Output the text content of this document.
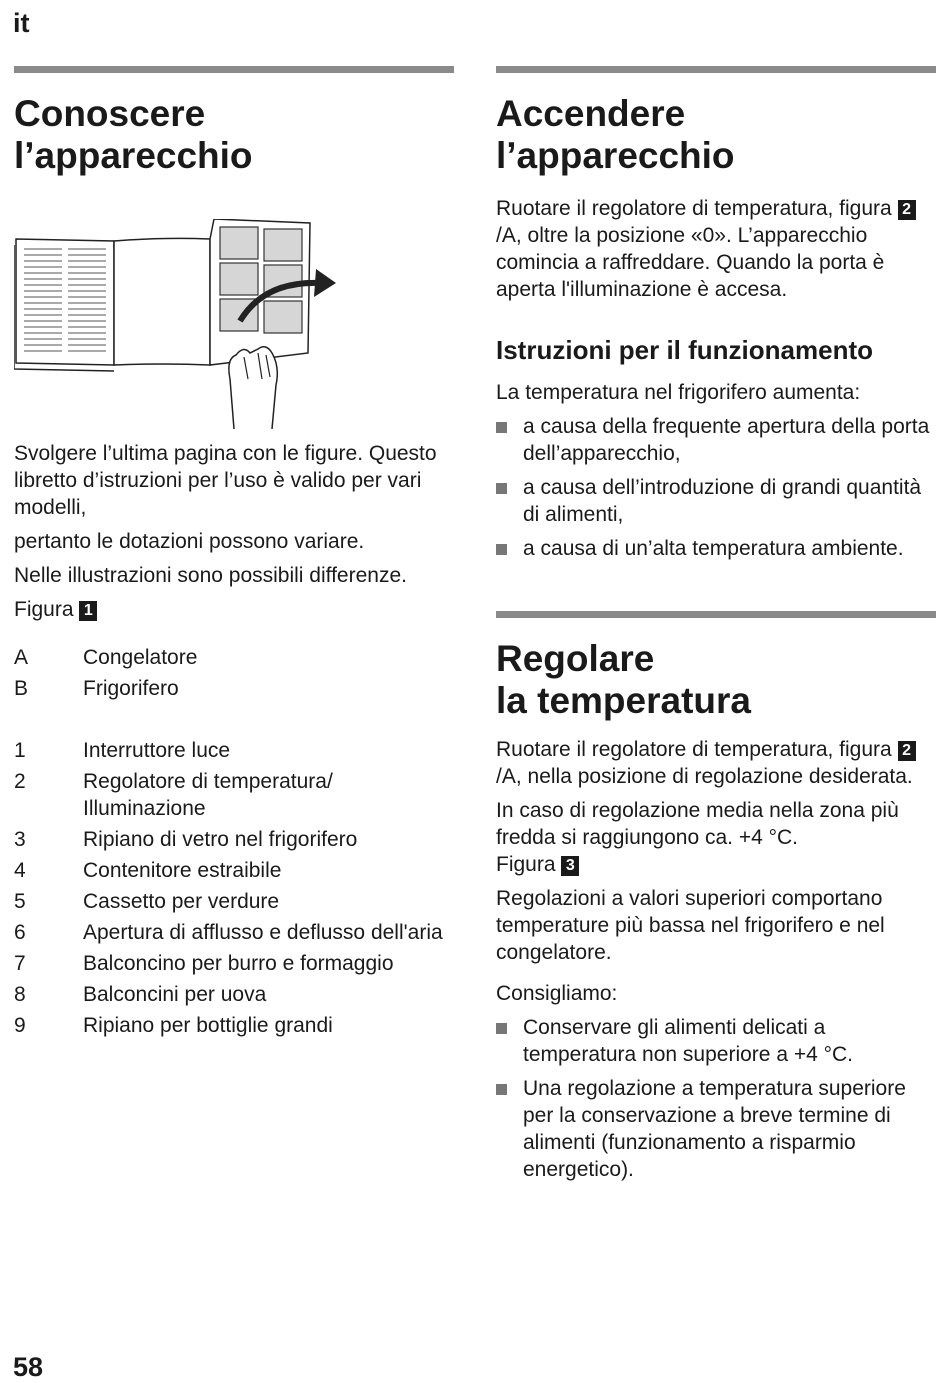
it
Conoscere
l’apparecchio

Svolgere l’ultima pagina con le figure. Questo libretto d’istruzioni per l’uso è valido per vari modelli,

pertanto le dotazioni possono variare.

Nelle illustrazioni sono possibili differenze.

Figura 1

A	Congelatore
B	Frigorifero
1	Interruttore luce
2	Regolatore di temperatura/ Illuminazione
3	Ripiano di vetro nel frigorifero
4	Contenitore estraibile
5	Cassetto per verdure
6	Apertura di afflusso e deflusso dell'aria
7	Balconcino per burro e formaggio
8	Balconcini per uova
9	Ripiano per bottiglie grandi
Accendere
l’apparecchio

Ruotare il regolatore di temperatura, figura 2/A, oltre la posizione «0». L’apparecchio comincia a raffreddare. Quando la porta è aperta l'illuminazione è accesa.

Istruzioni per il funzionamento

La temperatura nel frigorifero aumenta:

a causa della frequente apertura della porta dell’apparecchio,
a causa dell’introduzione di grandi quantità di alimenti,
a causa di un’alta temperatura ambiente.
Regolare
la temperatura

Ruotare il regolatore di temperatura, figura 2/A, nella posizione di regolazione desiderata.

In caso di regolazione media nella zona più fredda si raggiungono ca. +4 °C.
Figura 3

Regolazioni a valori superiori comportano temperature più bassa nel frigorifero e nel congelatore.

Consigliamo:

Conservare gli alimenti delicati a temperatura non superiore a +4 °C.
Una regolazione a temperatura superiore per la conservazione a breve termine di alimenti (funzionamento a risparmio energetico).
58
